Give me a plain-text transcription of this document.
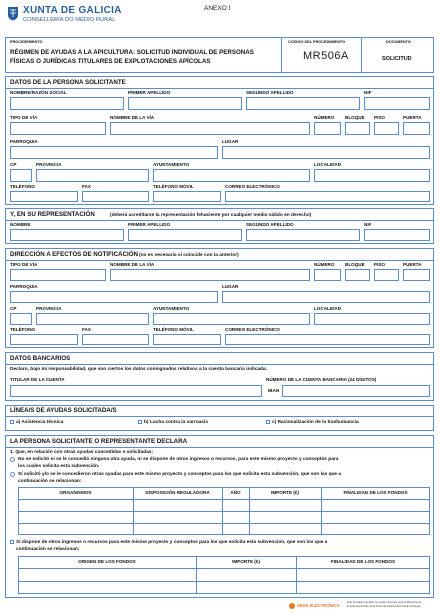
XUNTA DE GALICIA
CONSELLERÍA DO MEDIO RURAL
ANEXO I
PROCEDEMENTO
RÉGIMEN DE AYUDAS A LA APICULTURA: SOLICITUD INDIVIDUAL DE PERSONAS
FÍSICAS O JURÍDICAS TITULARES DE EXPLOTACIONES APÍCOLAS
CÓDIGO DEL PROCEDIMIENTO
MR506A
DOCUMENTO
SOLICITUD
DATOS DE LA PERSONA SOLICITANTE
NOMBRE/RAZÓN SOCIAL	PRIMER APELLIDO	SEGUNDO APELLIDO	NIF
TIPO DE VÍA	NOMBRE DE LA VÍA	NÚMERO BLOQUE PISO	PUERTA
PARROQUIA	LUGAR
CP	PROVINCIA	AYUNTAMIENTO	LOCALIDAD
TELÉFONO	FAX	TELÉFONO MÓVIL	CORREO ELECTRÓNICO
Y, EN SU REPRESENTACIÓN	(deberá acreditarse la representación fehaciente por cualquier medio válido en derecho)
NOMBRE	PRIMER APELLIDO	SEGUNDO APELLIDO	NIF
DIRECCIÓN A EFECTOS DE NOTIFICACIÓN (no es necesaria si coincide con la anterior)
TIPO DE VÍA	NOMBRE DE LA VÍA	NÚMERO BLOQUE PISO	PUERTA
PARROQUIA	LUGAR
CP	PROVINCIA	AYUNTAMIENTO	LOCALIDAD
TELÉFONO	FAX	TELÉFONO MÓVIL	CORREO ELECTRÓNICO
DATOS BANCARIOS
Declaro, bajo mi responsabilidad, que son ciertos los datos consignados relativos a la cuenta bancaria indicada.
TITULAR DE LA CUENTA	NÚMERO DE LA CUENTA BANCARIA (24 DÍGITOS)
IBAN
LÍNEA/S DE AYUDAS SOLICITADA/S
a) Asistencia técnica	b) Lucha contra la varroasis	c) Racionalización de la trashumancia
LA PERSONA SOLICITANTE O REPRESENTANTE DECLARA
1. Que, en relación con otras ayudas concedidas o solicitadas:
No se solicitó ni se le concedió ninguna otra ayuda, ni se dispone de otros ingresos o recursos, para este mismo proyecto y conceptos para
los cuales solicita esta subvención.
Sí solicitó y/o se le concedieron otras ayudas para este mismo proyecto y conceptos para los que solicita esta subvención, que son las que a
continuación se relacionan:
ORGANISMOS	DISPOSICIÓN REGULADORA	AÑO	IMPORTE (€)	FINALIDAD DE LOS FONDOS
Sí dispone de otros ingresos o recursos para este mismo proyecto y conceptos para los que solicita esta subvención, que son los que a
continuación se relacionan:
ORIGEN DE LOS FONDOS	IMPORTE (€)	FINALIDAD DE LOS FONDOS
SEDE ELECTRÓNICA
Este formulario también se puede presentar ante el Ministerio de
la sede electrónica de la Xunta de Galicia https://sede.xunta.gal
